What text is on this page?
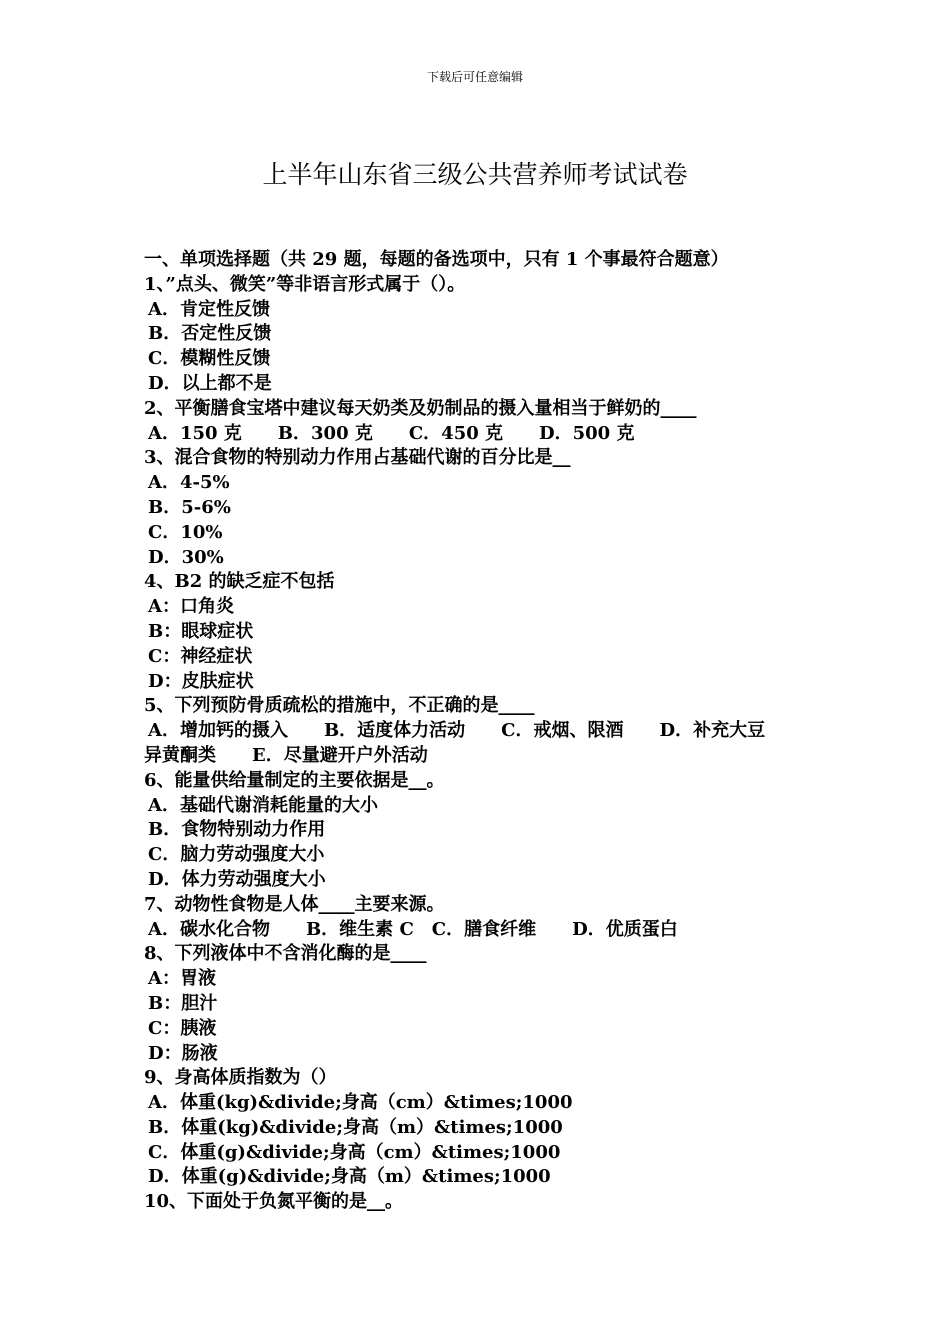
下载后可任意编辑
上半年山东省三级公共营养师考试试卷
一、单项选择题（共 29 题，每题的备选项中，只有 1 个事最符合题意）
1、”点头、微笑”等非语言形式属于（）。
A．肯定性反馈
B．否定性反馈
C．模糊性反馈
D．以上都不是
2、平衡膳食宝塔中建议每天奶类及奶制品的摄入量相当于鲜奶的____
A．150 克　　B．300 克　　C．450 克　　D．500 克
3、混合食物的特别动力作用占基础代谢的百分比是__
A．4-5%
B．5-6%
C．10%
D．30%
4、B2 的缺乏症不包括
A：口角炎
B：眼球症状
C：神经症状
D：皮肤症状
5、下列预防骨质疏松的措施中，不正确的是____
A．增加钙的摄入　　B．适度体力活动　　C．戒烟、限酒　　D．补充大豆
异黄酮类　　E．尽量避开户外活动
6、能量供给量制定的主要依据是__。
A．基础代谢消耗能量的大小
B．食物特别动力作用
C．脑力劳动强度大小
D．体力劳动强度大小
7、动物性食物是人体____主要来源。
A．碳水化合物　　B．维生素 C　C．膳食纤维　　D．优质蛋白
8、下列液体中不含消化酶的是____
A：胃液
B：胆汁
C：胰液
D：肠液
9、身高体质指数为（）
A．体重(kg)&divide;身高（cm）&times;1000
B．体重(kg)&divide;身高（m）&times;1000
C．体重(g)&divide;身高（cm）&times;1000
D．体重(g)&divide;身高（m）&times;1000
10、下面处于负氮平衡的是__。
